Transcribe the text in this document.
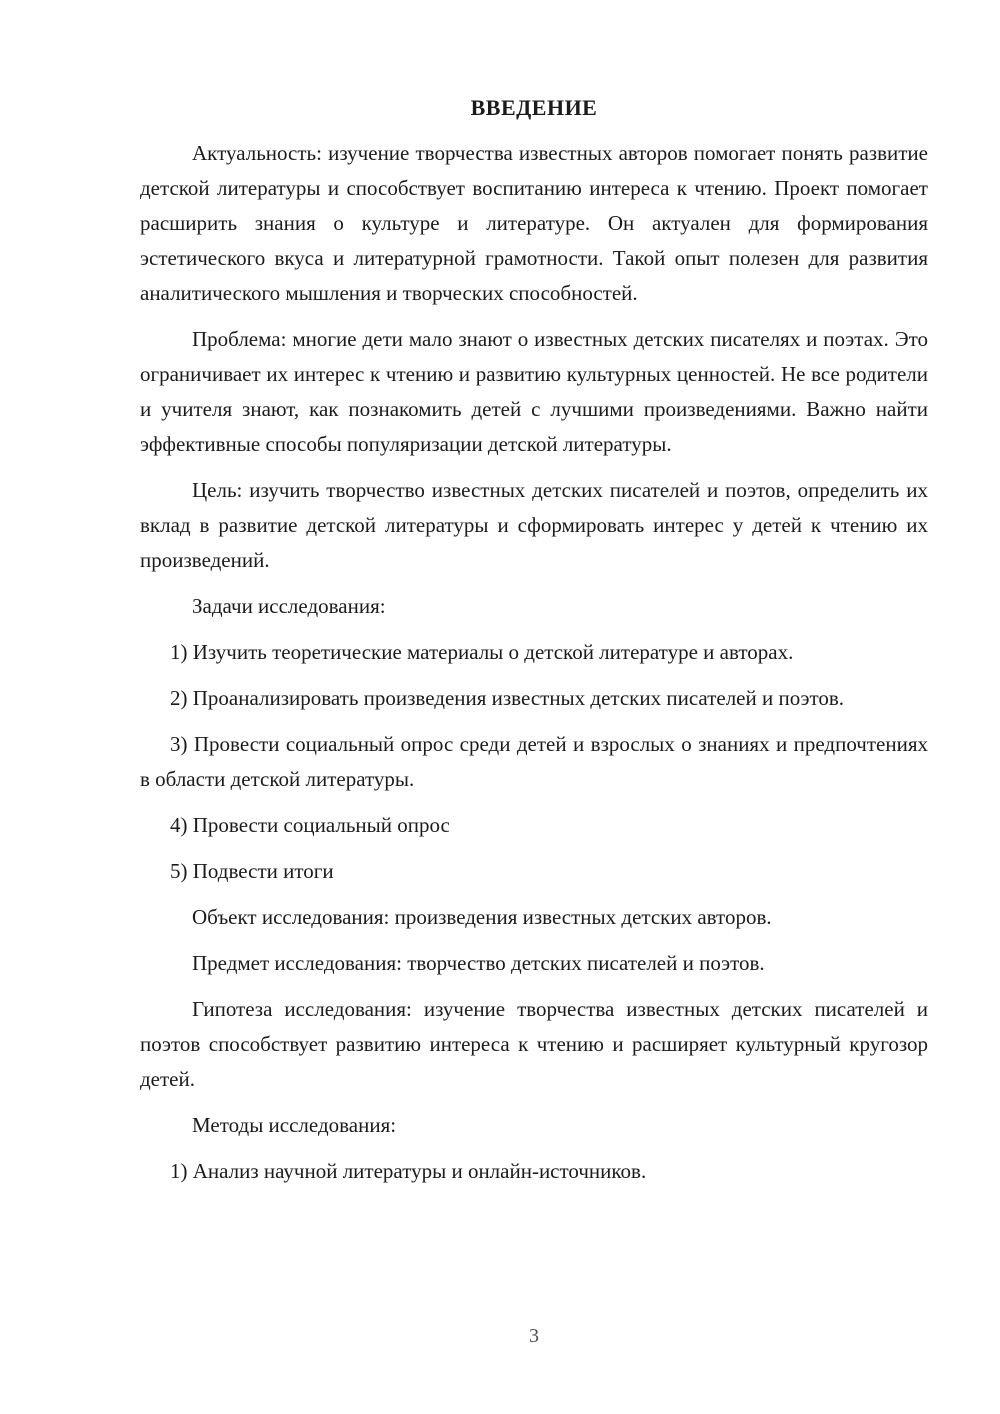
ВВЕДЕНИЕ

Актуальность: изучение творчества известных авторов помогает понять развитие детской литературы и способствует воспитанию интереса к чтению. Проект помогает расширить знания о культуре и литературе. Он актуален для формирования эстетического вкуса и литературной грамотности. Такой опыт полезен для развития аналитического мышления и творческих способностей.

Проблема: многие дети мало знают о известных детских писателях и поэтах. Это ограничивает их интерес к чтению и развитию культурных ценностей. Не все родители и учителя знают, как познакомить детей с лучшими произведениями. Важно найти эффективные способы популяризации детской литературы.

Цель: изучить творчество известных детских писателей и поэтов, определить их вклад в развитие детской литературы и сформировать интерес у детей к чтению их произведений.

Задачи исследования:

1) Изучить теоретические материалы о детской литературе и авторах.

2) Проанализировать произведения известных детских писателей и поэтов.

3) Провести социальный опрос среди детей и взрослых о знаниях и предпочтениях в области детской литературы.

4) Провести социальный опрос

5) Подвести итоги

Объект исследования: произведения известных детских авторов.

Предмет исследования: творчество детских писателей и поэтов.

Гипотеза исследования: изучение творчества известных детских писателей и поэтов способствует развитию интереса к чтению и расширяет культурный кругозор детей.

Методы исследования:

1) Анализ научной литературы и онлайн-источников.

3
